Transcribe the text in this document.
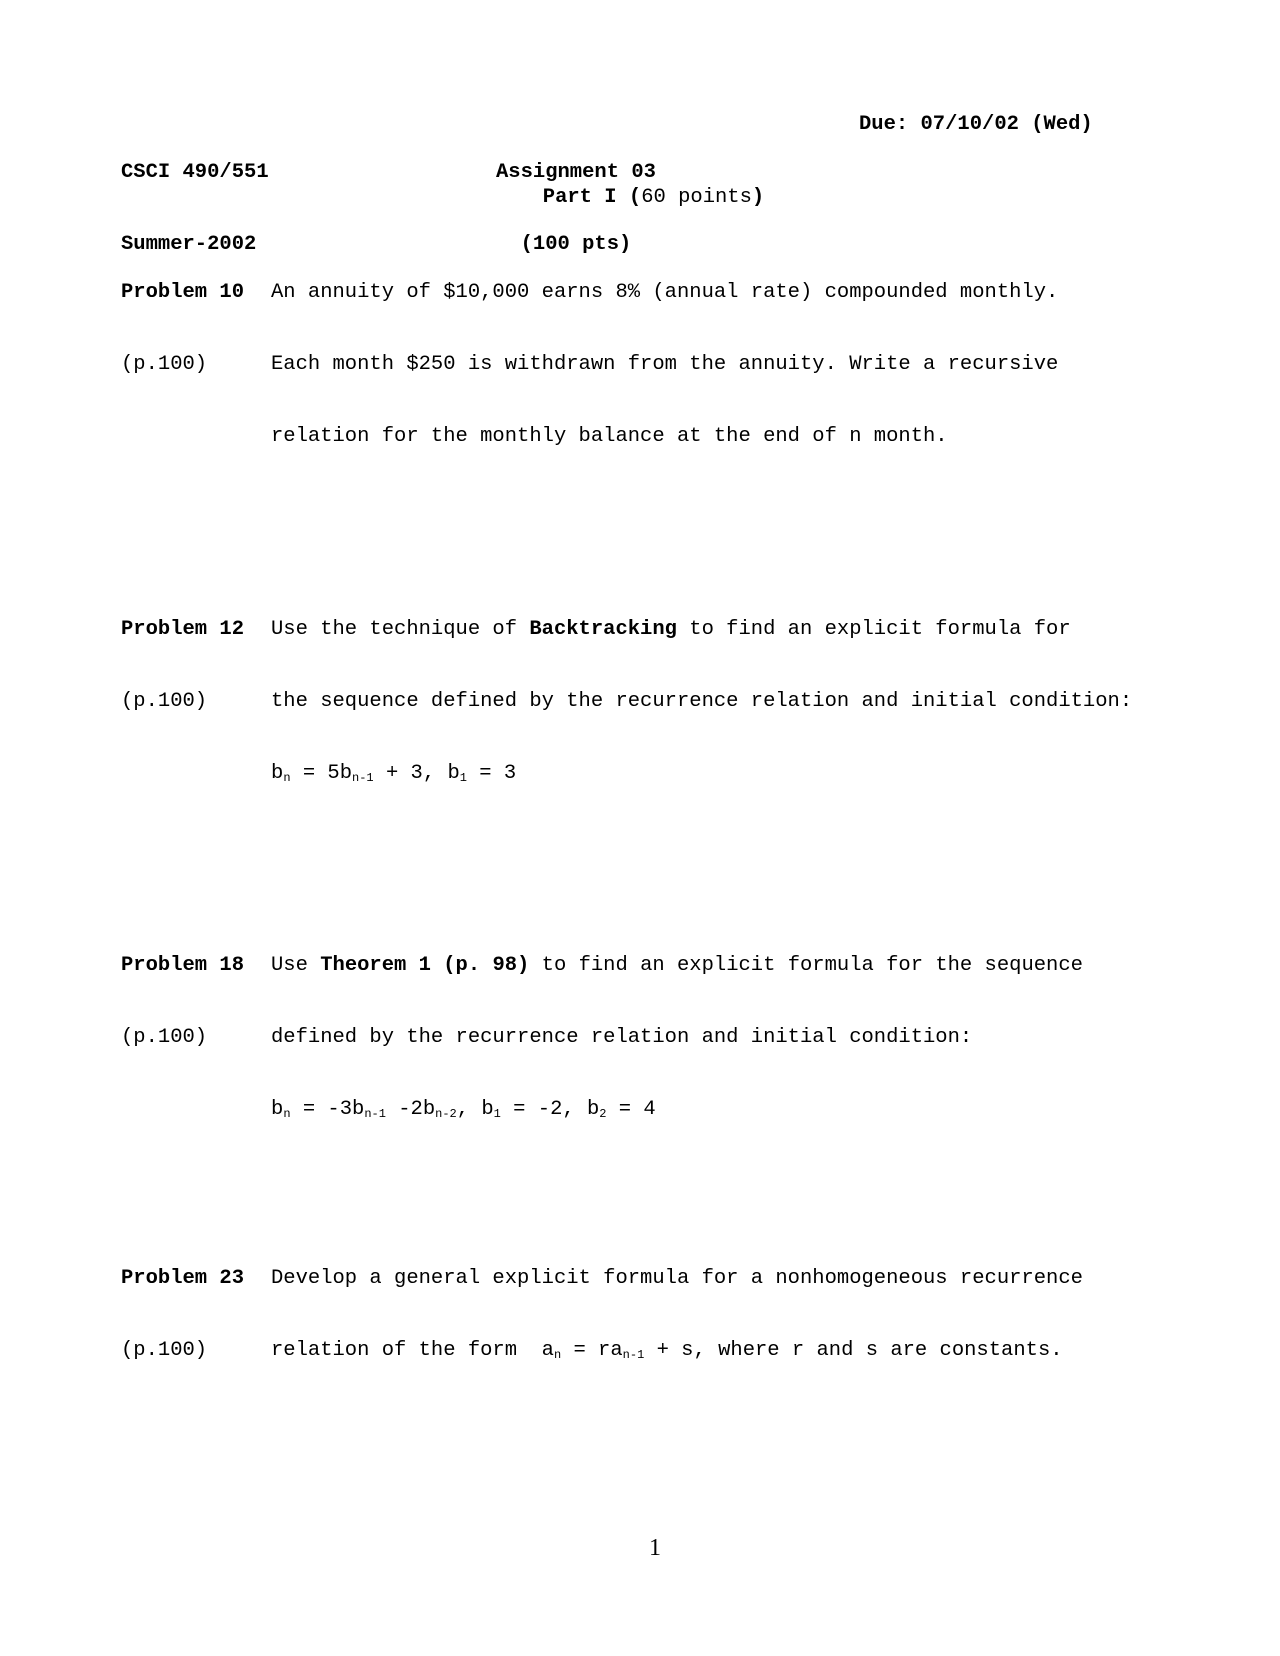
CSCI 490/551

Summer-2002

Assignment 03

(100 pts)

Due: 07/10/02 (Wed)
Part I (60 points)

Problem 10

(p.100)

An annuity of $10,000 earns 8% (annual rate) compounded monthly.

Each month $250 is withdrawn from the annuity. Write a recursive

relation for the monthly balance at the end of n month.

Problem 12

(p.100)

Use the technique of Backtracking to find an explicit formula for

the sequence defined by the recurrence relation and initial condition:

$b_n = 5b_{n-1} + 3$, $b_1 = 3$

Problem 18

(p.100)

Use Theorem 1 (p. 98) to find an explicit formula for the sequence

defined by the recurrence relation and initial condition:

$b_n = -3b_{n-1}$ $-2b_{n-2}$, $b_1 = -2$, $b_2 = 4$

Problem 23

(p.100)

Develop a general explicit formula for a nonhomogeneous recurrence

relation of the form  $a_n = ra_{n-1} + s$, where r and s are constants.

1
